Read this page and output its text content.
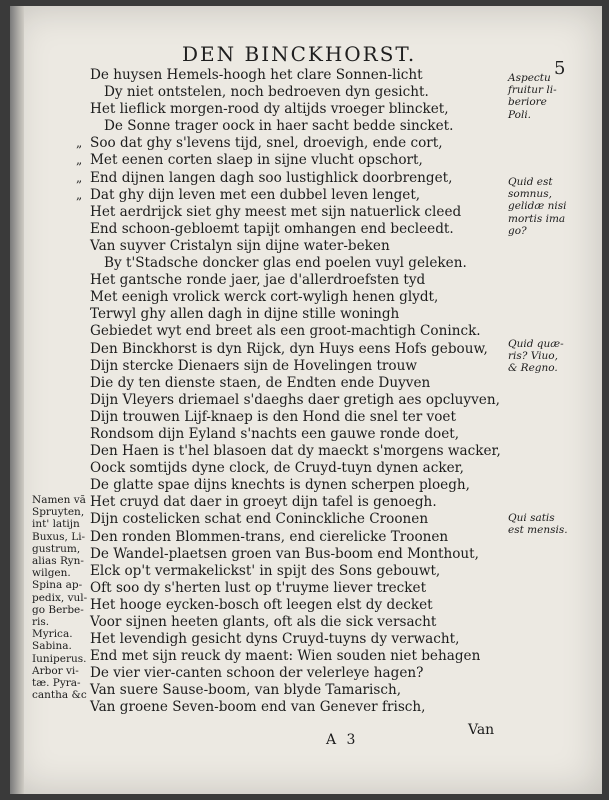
DEN BINCKHORST.
5
De huysen Hemels-hoogh het clare Sonnen-licht
Dy niet ontstelen, noch bedroeven dyn gesicht.
Het lieflick morgen-rood dy altijds vroeger blincket,
De Sonne trager oock in haer sacht bedde sincket.
„ Soo dat ghy s'levens tijd, snel, droevigh, ende cort,
„ Met eenen corten slaep in sijne vlucht opschort,
„ End dijnen langen dagh soo lustighlick doorbrenget,
„ Dat ghy dijn leven met een dubbel leven lenget,
Het aerdrijck siet ghy meest met sijn natuerlick cleed
End schoon-gebloemt tapijt omhangen end becleedt.
Van suyver Cristalyn sijn dijne water-beken
By t'Stadsche doncker glas end poelen vuyl geleken.
Het gantsche ronde jaer, jae d'allerdroefsten tyd
Met eenigh vrolick werck cort-wyligh henen glydt,
Terwyl ghy allen dagh in dijne stille woningh
Gebiedet wyt end breet als een groot-machtigh Coninck.
Den Binckhorst is dyn Rijck, dyn Huys eens Hofs gebouw,
Dijn stercke Dienaers sijn de Hovelingen trouw
Die dy ten dienste staen, de Endten ende Duyven
Dijn Vleyers driemael s'daeghs daer gretigh aes opcluyven,
Dijn trouwen Lijf-knaep is den Hond die snel ter voet
Rondsom dijn Eyland s'nachts een gauwe ronde doet,
Den Haen is t'hel blasoen dat dy maeckt s'morgens wacker,
Oock somtijds dyne clock, de Cruyd-tuyn dynen acker,
De glatte spae dijns knechts is dynen scherpen ploegh,
Het cruyd dat daer in groeyt dijn tafel is genoegh.
Dijn costelicken schat end Coninckliche Croonen
Den ronden Blommen-trans, end cierelicke Troonen
De Wandel-plaetsen groen van Bus-boom end Monthout,
Elck op't vermakelickst' in spijt des Sons gebouwt,
Oft soo dy s'herten lust op t'ruyme liever trecket
Het hooge eycken-bosch oft leegen elst dy decket
Voor sijnen heeten glants, oft als die sick versacht
Het levendigh gesicht dyns Cruyd-tuyns dy verwacht,
End met sijn reuck dy maent: Wien souden niet behagen
De vier vier-canten schoon der velerleye hagen?
Van suere Sause-boom, van blyde Tamarisch,
Van groene Seven-boom end van Genever frisch,
Aspectu
fruitur li-
beriore
Poli.
Quid est
somnus,
gelidæ nisi
mortis ima
go?
Quid quæ-
ris? Viuo,
& Regno.
Qui satis
est mensis.
Namen vã
Spruyten,
int' latijn
Buxus, Li-
gustrum,
alias Ryn-
wilgen.
Spina ap-
pedix, vul-
go Berbe-
ris.
Myrica.
Sabina.
Iuniperus.
Arbor vi-
tæ. Pyra-
cantha &c
A 3
Van
